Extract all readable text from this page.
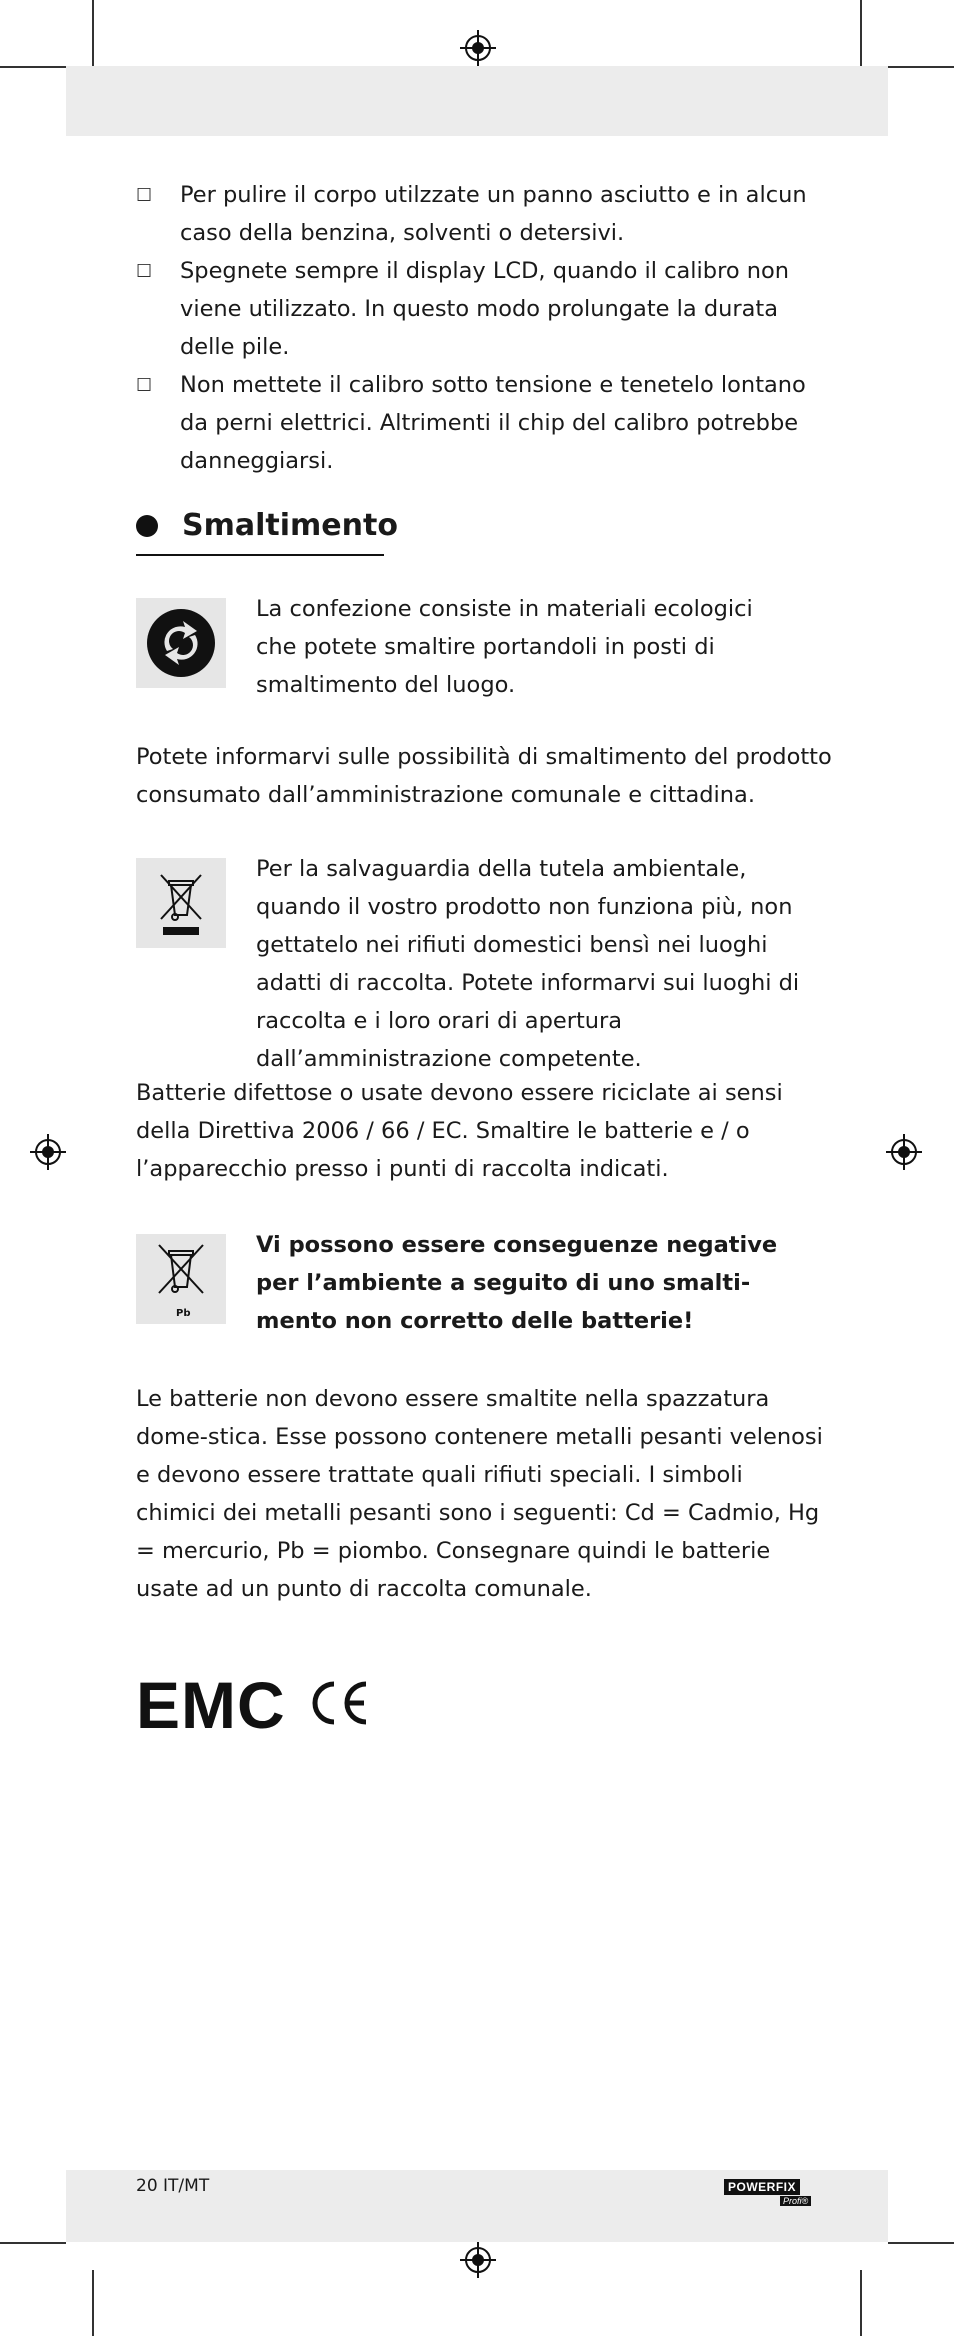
☐	Per pulire il corpo utilzzate un panno asciutto e in alcun caso della benzina, solventi o detersivi.
☐	Spegnete sempre il display LCD, quando il calibro non viene utilizzato. In questo modo prolungate la durata delle pile.
☐	Non mettete il calibro sotto tensione e tenetelo lontano da perni elettrici. Altrimenti il chip del calibro potrebbe danneggiarsi.
Smaltimento
La confezione consiste in materiali ecologici che potete smaltire portandoli in posti di smaltimento del luogo.
Potete informarvi sulle possibilità di smaltimento del prodotto consumato dall’amministrazione comunale e cittadina.
Per la salvaguardia della tutela ambientale, quando il vostro prodotto non funziona più, non gettatelo nei rifiuti domestici bensì nei luoghi adatti di raccolta. Potete informarvi sui luoghi di raccolta e i loro orari di apertura dall’amministrazione competente.
Batterie difettose o usate devono essere riciclate ai sensi della Direttiva 2006 / 66 / EC. Smaltire le batterie e / o l’apparecchio presso i punti di raccolta indicati.
Pb
Vi possono essere conseguenze negative per l’ambiente a seguito di uno smalti-mento non corretto delle batterie!
Le batterie non devono essere smaltite nella spazzatura dome-stica. Esse possono contenere metalli pesanti velenosi e devono essere trattate quali rifiuti speciali. I simboli chimici dei metalli pesanti sono i seguenti: Cd = Cadmio, Hg = mercurio, Pb = piombo. Consegnare quindi le batterie usate ad un punto di raccolta comunale.
EMC
20 IT/MT	POWERFIX
Profi®
